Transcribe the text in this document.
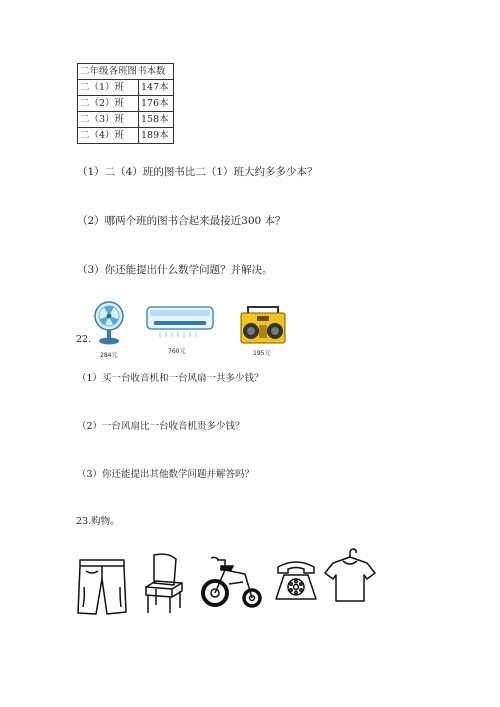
二年级各班图书本数	
二（1）班	147本
二（2）班	176本
二（3）班	158本
二（4）班	189本
（1）二（4）班的图书比二（1）班大约多多少本？
（2）哪两个班的图书合起来最接近300 本？
（3）你还能提出什么数学问题？并解决。
22.
284元
760元	195元
（1）买一台收音机和一台风扇一共多少钱？
（2）一台风扇比一台收音机贵多少钱？
（3）你还能提出其他数学问题并解答吗？
23.购物。
